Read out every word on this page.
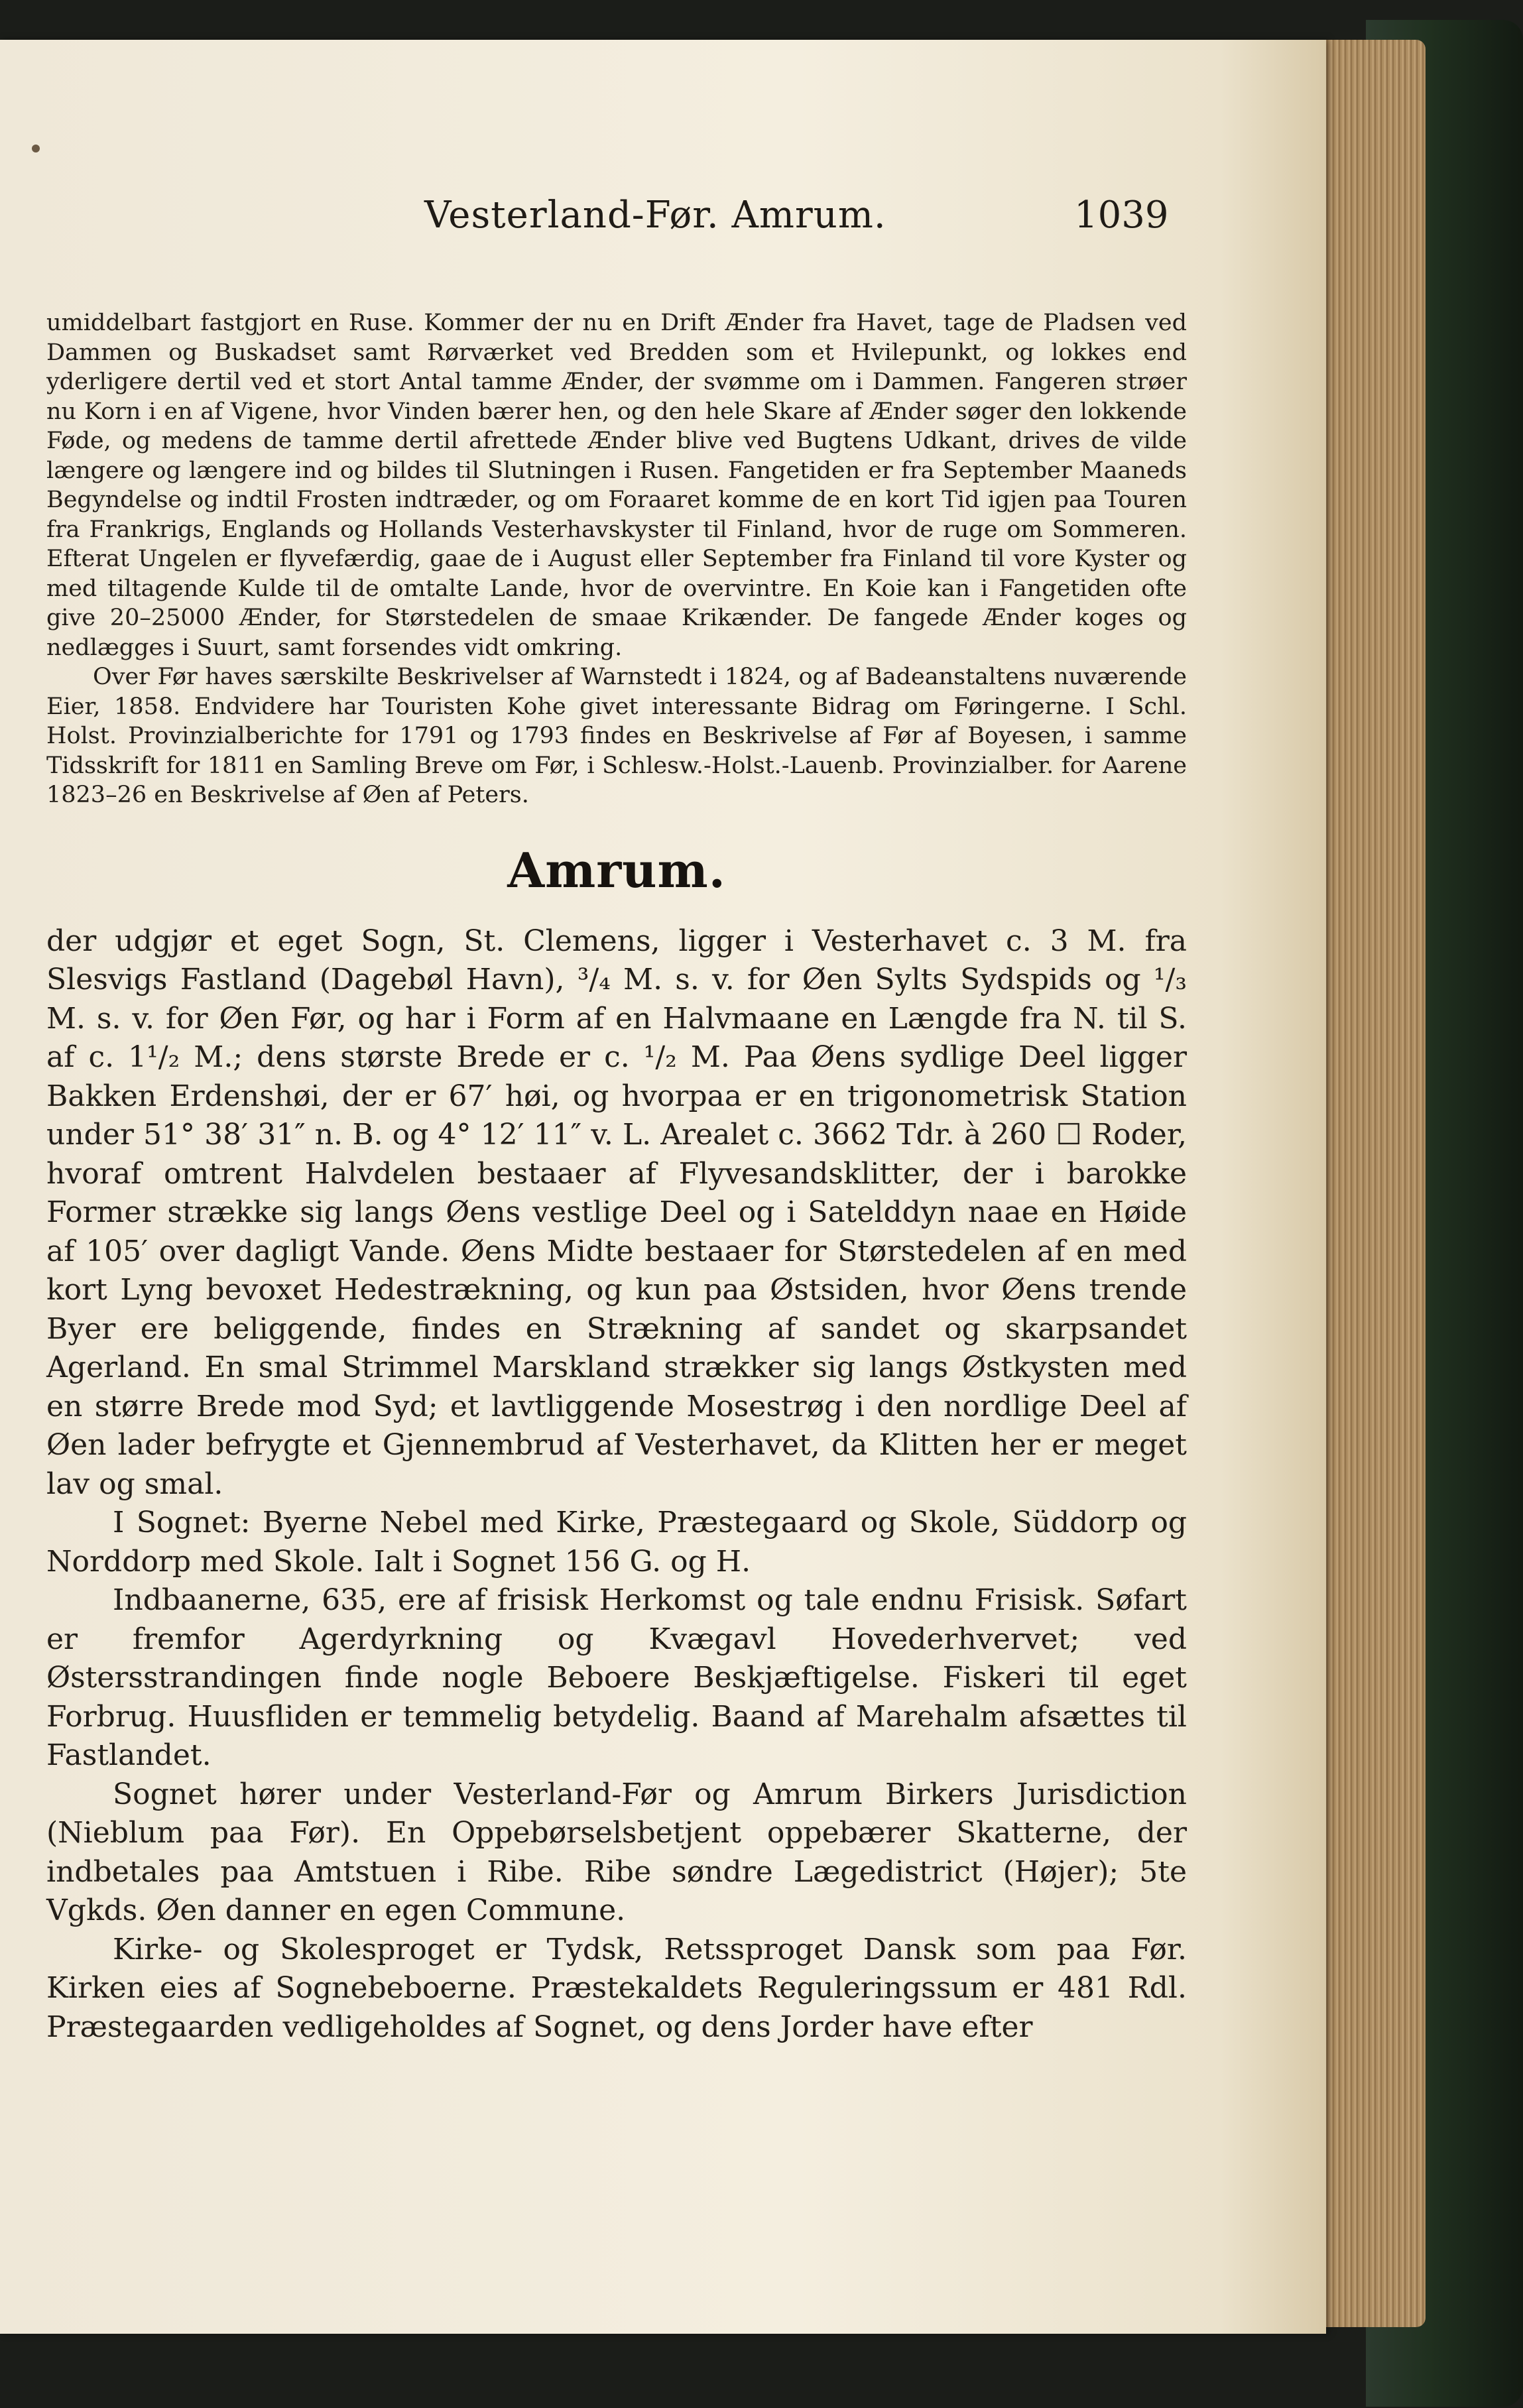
Vesterland-Før. Amrum.	1039

umiddelbart fastgjort en Ruse. Kommer der nu en Drift Ænder fra Havet, tage de Pladsen ved Dammen og Buskadset samt Rørværket ved Bredden som et Hvilepunkt, og lokkes end yderligere dertil ved et stort Antal tamme Ænder, der svømme om i Dammen. Fangeren strøer nu Korn i en af Vigene, hvor Vinden bærer hen, og den hele Skare af Ænder søger den lokkende Føde, og medens de tamme dertil afrettede Ænder blive ved Bugtens Udkant, drives de vilde længere og længere ind og bildes til Slutningen i Rusen. Fangetiden er fra September Maaneds Begyndelse og indtil Frosten indtræder, og om Foraaret komme de en kort Tid igjen paa Touren fra Frankrigs, Englands og Hollands Vesterhavskyster til Finland, hvor de ruge om Sommeren. Efterat Ungelen er flyvefærdig, gaae de i August eller September fra Finland til vore Kyster og med tiltagende Kulde til de omtalte Lande, hvor de overvintre. En Koie kan i Fangetiden ofte give 20–25000 Ænder, for Størstedelen de smaae Krikænder. De fangede Ænder koges og nedlægges i Suurt, samt forsendes vidt omkring.

Over Før haves særskilte Beskrivelser af Warnstedt i 1824, og af Badeanstaltens nuværende Eier, 1858. Endvidere har Touristen Kohe givet interessante Bidrag om Føringerne. I Schl. Holst. Provinzialberichte for 1791 og 1793 findes en Beskrivelse af Før af Boyesen, i samme Tidsskrift for 1811 en Samling Breve om Før, i Schlesw.-Holst.-Lauenb. Provinzialber. for Aarene 1823–26 en Beskrivelse af Øen af Peters.

Amrum.

der udgjør et eget Sogn, St. Clemens, ligger i Vesterhavet c. 3 M. fra Slesvigs Fastland (Dagebøl Havn), ³/₄ M. s. v. for Øen Sylts Sydspids og ¹/₃ M. s. v. for Øen Før, og har i Form af en Halvmaane en Længde fra N. til S. af c. 1¹/₂ M.; dens største Brede er c. ¹/₂ M. Paa Øens sydlige Deel ligger Bakken Erdenshøi, der er 67′ høi, og hvorpaa er en trigonometrisk Station under 51° 38′ 31″ n. B. og 4° 12′ 11″ v. L. Arealet c. 3662 Tdr. à 260 ☐ Roder, hvoraf omtrent Halvdelen bestaaer af Flyvesandsklitter, der i barokke Former strække sig langs Øens vestlige Deel og i Satelddyn naae en Høide af 105′ over dagligt Vande. Øens Midte bestaaer for Størstedelen af en med kort Lyng bevoxet Hedestrækning, og kun paa Østsiden, hvor Øens trende Byer ere beliggende, findes en Strækning af sandet og skarpsandet Agerland. En smal Strimmel Marskland strækker sig langs Østkysten med en større Brede mod Syd; et lavtliggende Mosestrøg i den nordlige Deel af Øen lader befrygte et Gjennembrud af Vesterhavet, da Klitten her er meget lav og smal.

I Sognet: Byerne Nebel med Kirke, Præstegaard og Skole, Süddorp og Norddorp med Skole. Ialt i Sognet 156 G. og H.

Indbaanerne, 635, ere af frisisk Herkomst og tale endnu Frisisk. Søfart er fremfor Agerdyrkning og Kvægavl Hovederhvervet; ved Østersstrandingen finde nogle Beboere Beskjæftigelse. Fiskeri til eget Forbrug. Huusfliden er temmelig betydelig. Baand af Marehalm afsættes til Fastlandet.

Sognet hører under Vesterland-Før og Amrum Birkers Jurisdiction (Nieblum paa Før). En Oppebørselsbetjent oppebærer Skatterne, der indbetales paa Amtstuen i Ribe. Ribe søndre Lægedistrict (Højer); 5te Vgkds. Øen danner en egen Commune.

Kirke- og Skolesproget er Tydsk, Retssproget Dansk som paa Før. Kirken eies af Sognebeboerne. Præstekaldets Reguleringssum er 481 Rdl. Præstegaarden vedligeholdes af Sognet, og dens Jorder have efter
